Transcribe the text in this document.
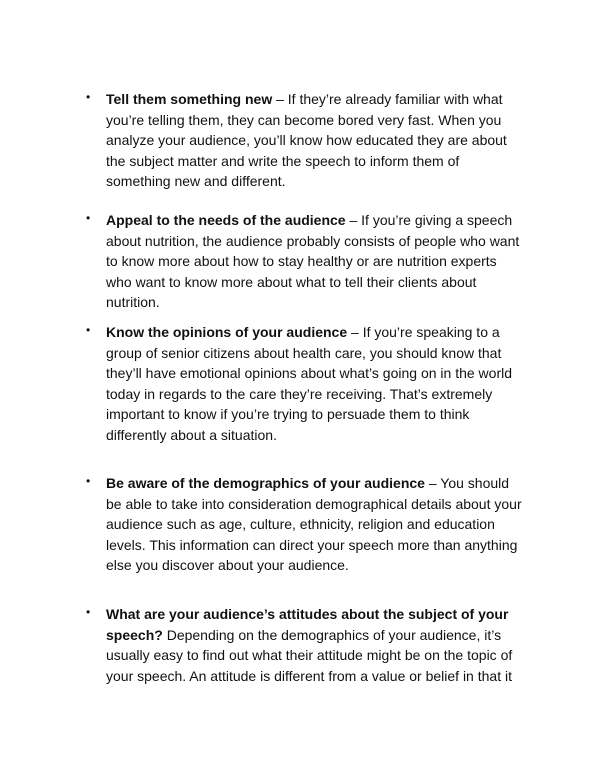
• Tell them something new – If they’re already familiar with what you’re telling them, they can become bored very fast. When you analyze your audience, you’ll know how educated they are about the subject matter and write the speech to inform them of something new and different.
• Appeal to the needs of the audience – If you’re giving a speech about nutrition, the audience probably consists of people who want to know more about how to stay healthy or are nutrition experts who want to know more about what to tell their clients about nutrition.
• Know the opinions of your audience – If you’re speaking to a group of senior citizens about health care, you should know that they’ll have emotional opinions about what’s going on in the world today in regards to the care they’re receiving. That’s extremely important to know if you’re trying to persuade them to think differently about a situation.
• Be aware of the demographics of your audience – You should be able to take into consideration demographical details about your audience such as age, culture, ethnicity, religion and education levels. This information can direct your speech more than anything else you discover about your audience.
• What are your audience’s attitudes about the subject of your speech? Depending on the demographics of your audience, it’s usually easy to find out what their attitude might be on the topic of your speech. An attitude is different from a value or belief in that it
